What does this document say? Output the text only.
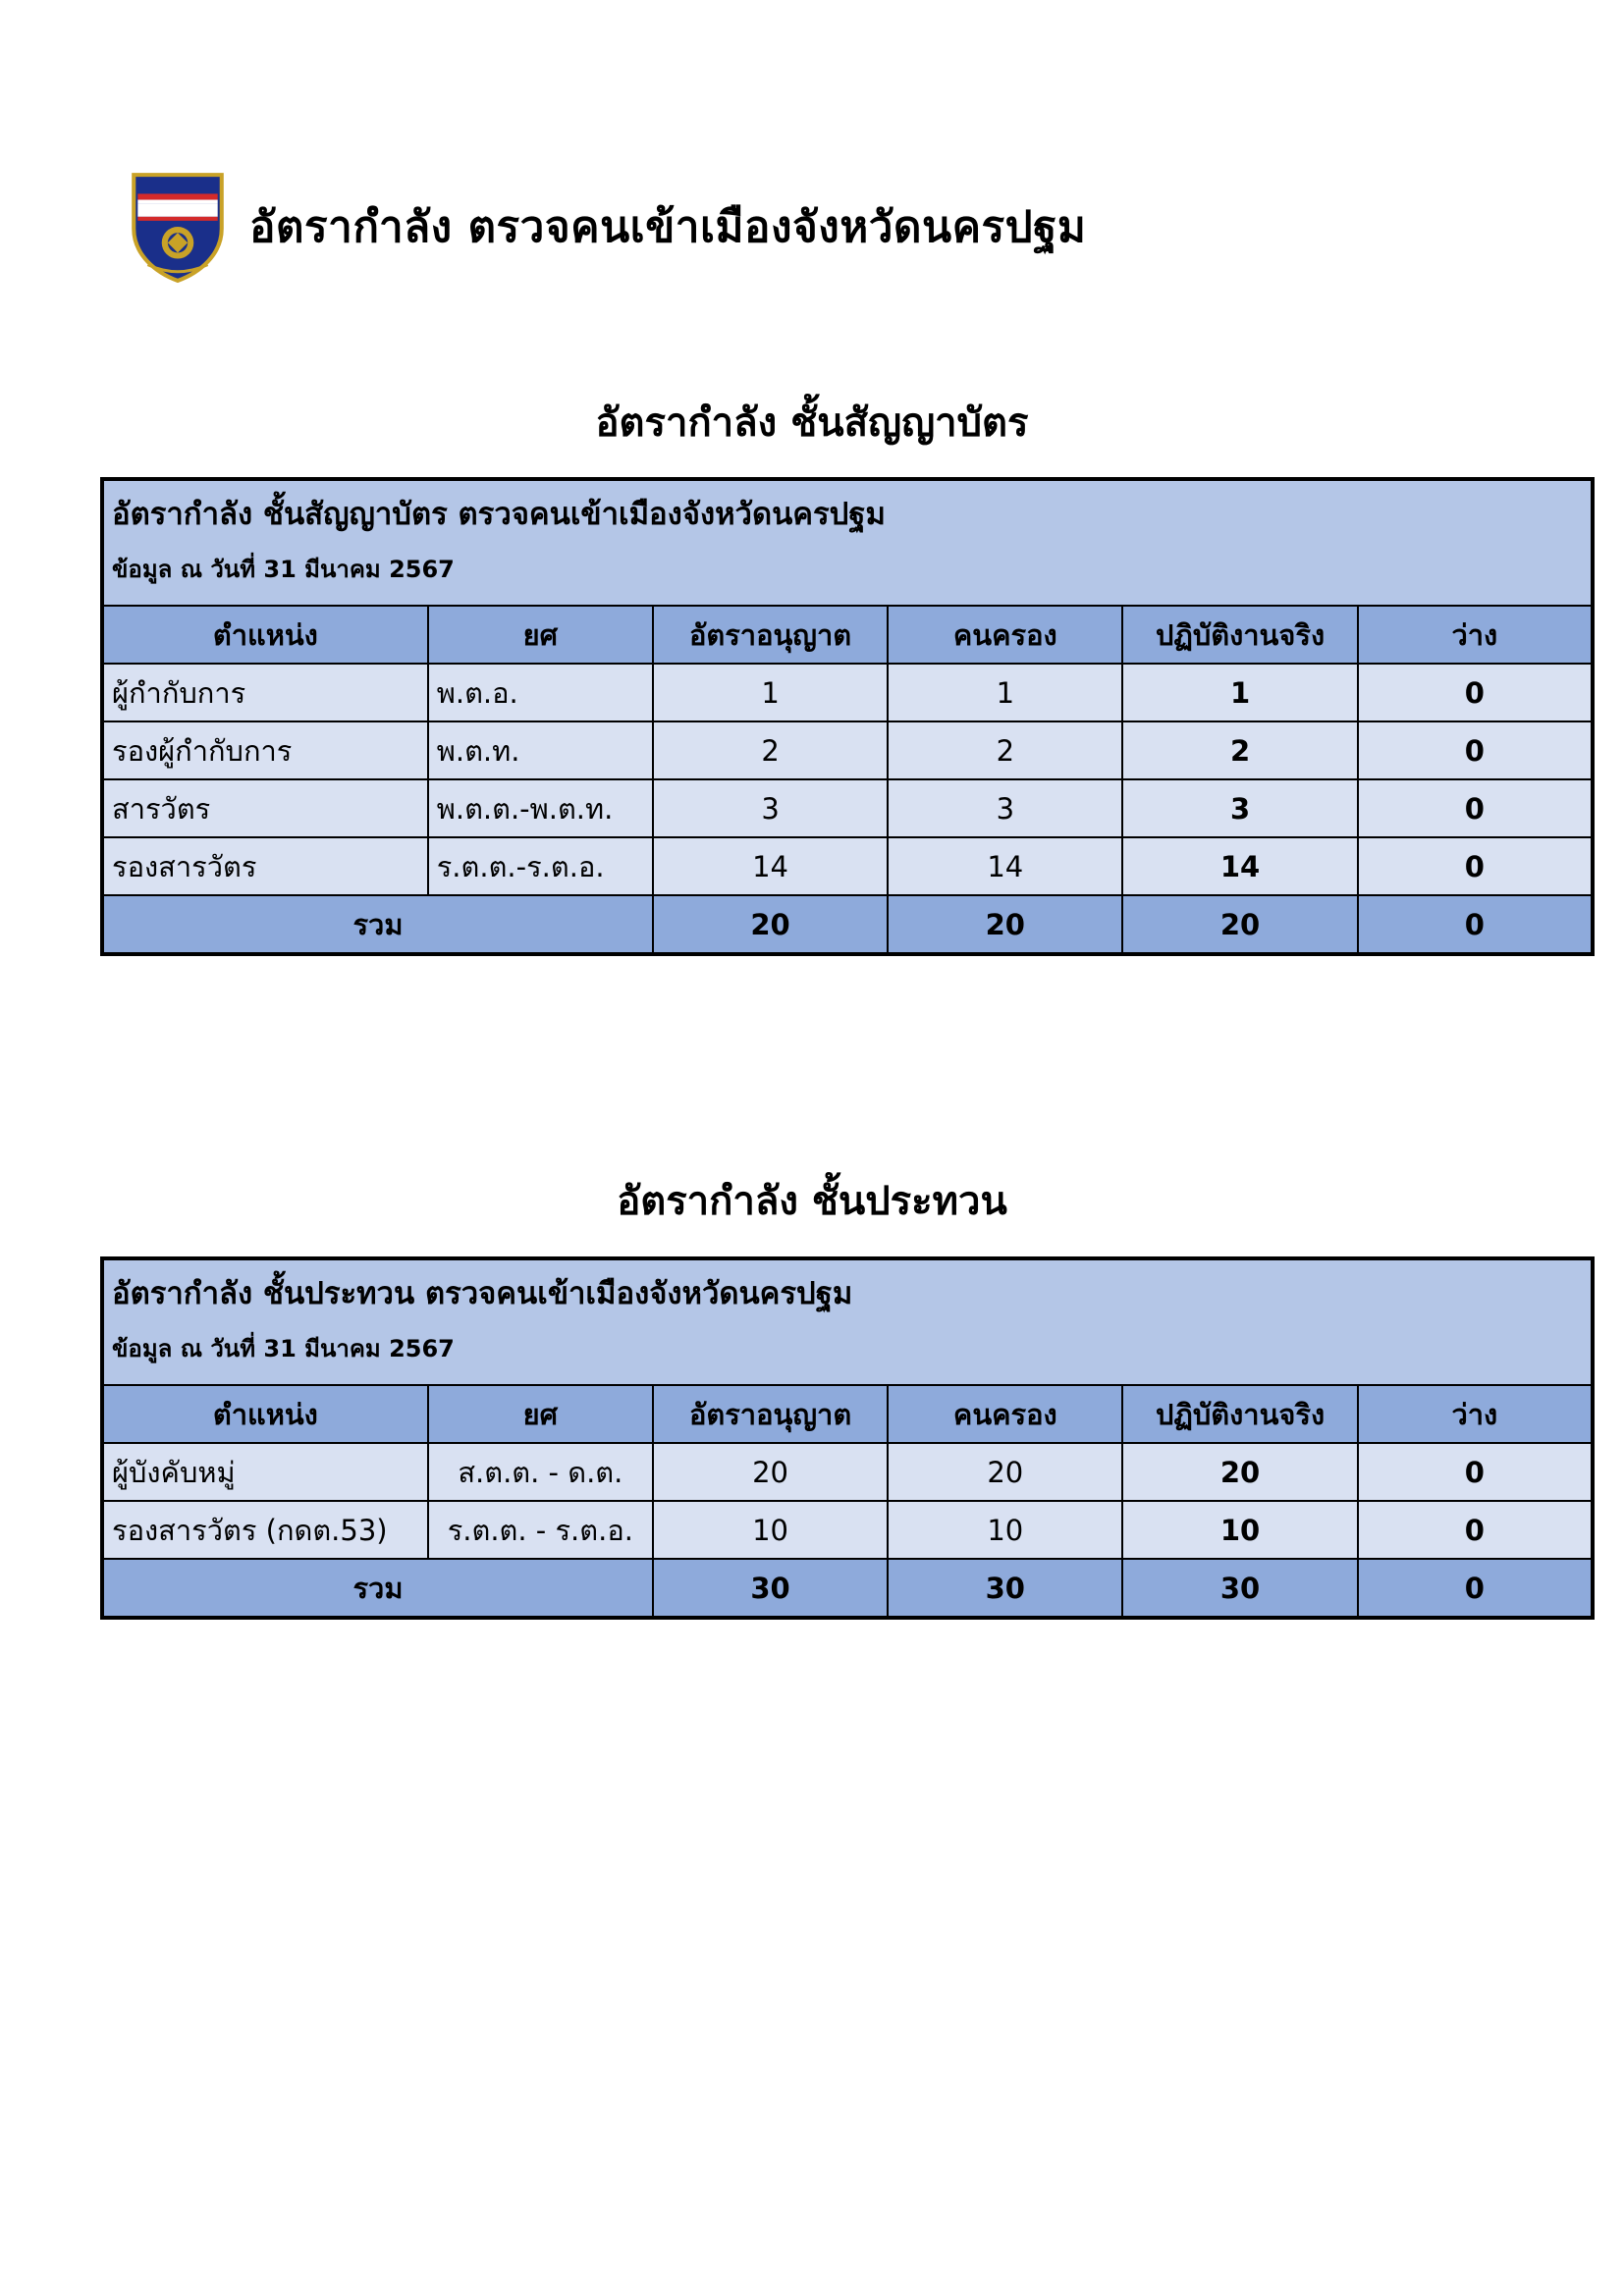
อัตรากำลัง ตรวจคนเข้าเมืองจังหวัดนครปฐม
อัตรากำลัง ชั้นสัญญาบัตร
อัตรากำลัง ชั้นสัญญาบัตร ตรวจคนเข้าเมืองจังหวัดนครปฐม
ข้อมูล ณ วันที่ 31 มีนาคม 2567					

ตำแหน่ง	ยศ	อัตราอนุญาต	คนครอง	ปฏิบัติงานจริง	ว่าง
ผู้กำกับการ	พ.ต.อ.	1	1	1	0
รองผู้กำกับการ	พ.ต.ท.	2	2	2	0
สารวัตร	พ.ต.ต.-พ.ต.ท.	3	3	3	0
รองสารวัตร	ร.ต.ต.-ร.ต.อ.	14	14	14	0
รวม		20	20	20	0
อัตรากำลัง ชั้นประทวน
อัตรากำลัง ชั้นประทวน ตรวจคนเข้าเมืองจังหวัดนครปฐม
ข้อมูล ณ วันที่ 31 มีนาคม 2567					

ตำแหน่ง	ยศ	อัตราอนุญาต	คนครอง	ปฏิบัติงานจริง	ว่าง
ผู้บังคับหมู่	ส.ต.ต. - ด.ต.	20	20	20	0
รองสารวัตร (กดต.53)	ร.ต.ต. - ร.ต.อ.	10	10	10	0
รวม		30	30	30	0
